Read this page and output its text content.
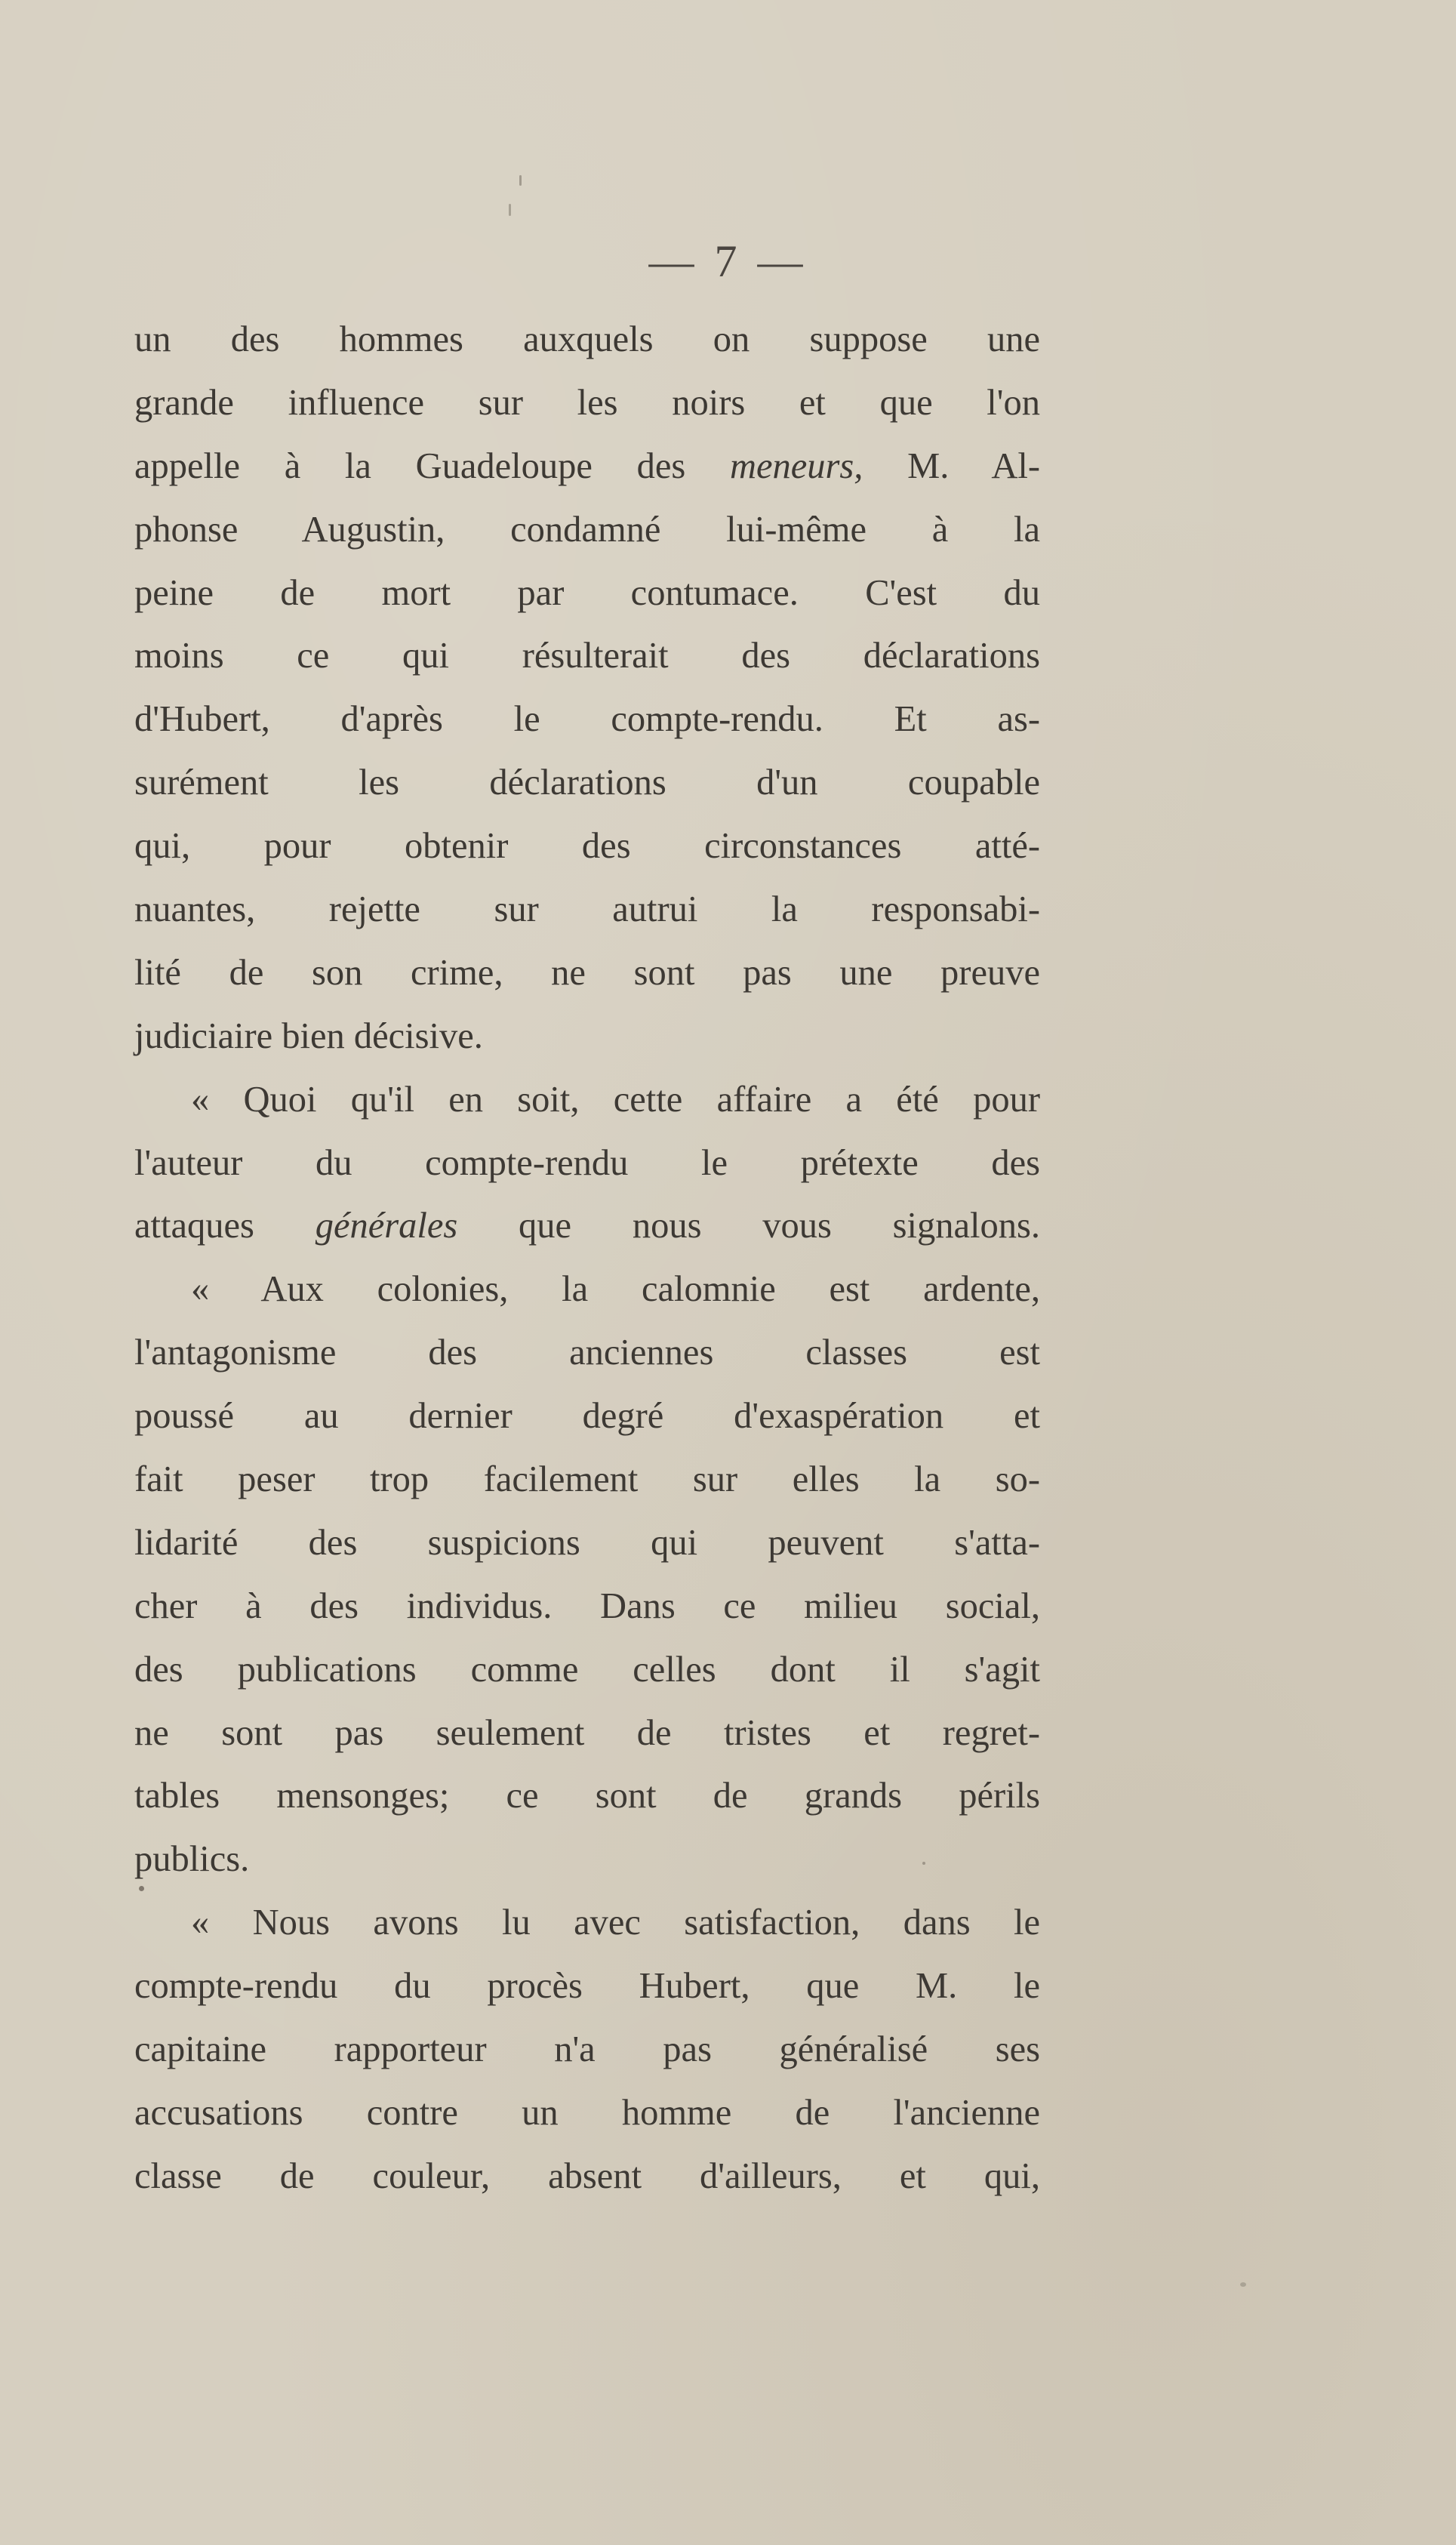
— 7 —
un des hommes auxquels on suppose une
grande influence sur les noirs et que l'on
appelle à la Guadeloupe des meneurs, M. Al-
phonse Augustin, condamné lui-même à la
peine de mort par contumace. C'est du
moins ce qui résulterait des déclarations
d'Hubert, d'après le compte-rendu. Et as-
surément les déclarations d'un coupable
qui, pour obtenir des circonstances atté-
nuantes, rejette sur autrui la responsabi-
lité de son crime, ne sont pas une preuve
judiciaire bien décisive.
« Quoi qu'il en soit, cette affaire a été pour
l'auteur du compte-rendu le prétexte des
attaques générales que nous vous signalons.
« Aux colonies, la calomnie est ardente,
l'antagonisme des anciennes classes est
poussé au dernier degré d'exaspération et
fait peser trop facilement sur elles la so-
lidarité des suspicions qui peuvent s'atta-
cher à des individus. Dans ce milieu social,
des publications comme celles dont il s'agit
ne sont pas seulement de tristes et regret-
tables mensonges; ce sont de grands périls
publics.
« Nous avons lu avec satisfaction, dans le
compte-rendu du procès Hubert, que M. le
capitaine rapporteur n'a pas généralisé ses
accusations contre un homme de l'ancienne
classe de couleur, absent d'ailleurs, et qui,
